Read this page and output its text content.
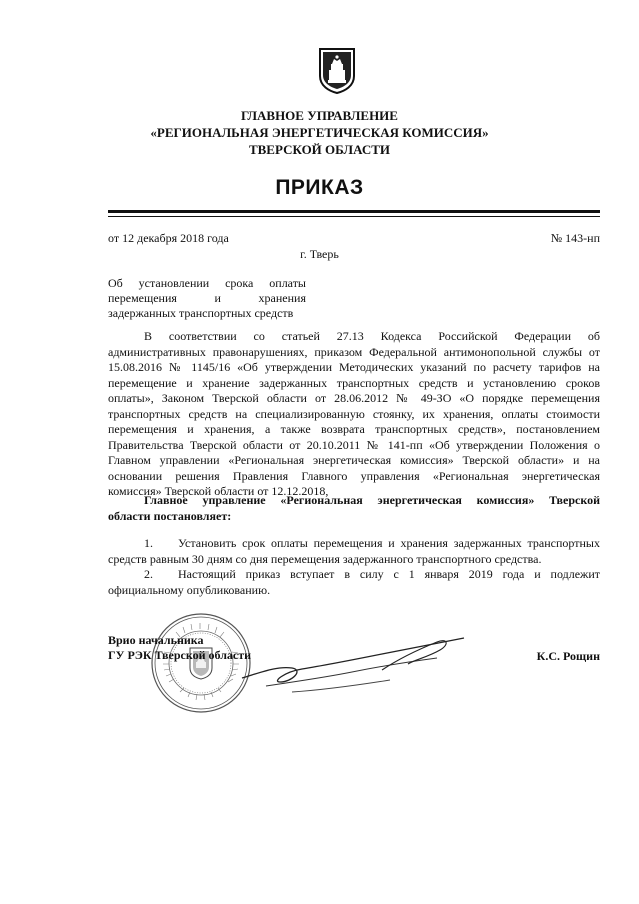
ГЛАВНОЕ УПРАВЛЕНИЕ
«РЕГИОНАЛЬНАЯ ЭНЕРГЕТИЧЕСКАЯ КОМИССИЯ»
ТВЕРСКОЙ ОБЛАСТИ
ПРИКАЗ
от 12 декабря 2018 года	№ 143-нп
г. Тверь
Об установлении срока оплаты
перемещения и хранения
задержанных транспортных средств
В соответствии со статьей 27.13 Кодекса Российской Федерации об
административных правонарушениях, приказом Федеральной антимонопольной службы от
15.08.2016 № 1145/16 «Об утверждении Методических указаний по расчету тарифов на
перемещение и хранение задержанных транспортных средств и установлению сроков
оплаты», Законом Тверской области от 28.06.2012 № 49-ЗО «О порядке перемещения
транспортных средств на специализированную стоянку, их хранения, оплаты стоимости
перемещения и хранения, а также возврата транспортных средств», постановлением
Правительства Тверской области от 20.10.2011 № 141-пп «Об утверждении Положения о
Главном управлении «Региональная энергетическая комиссия» Тверской области» и на
основании решения Правления Главного управления «Региональная энергетическая
комиссия» Тверской области от 12.12.2018,
Главное управление «Региональная энергетическая комиссия» Тверской
области постановляет:
1. Установить срок оплаты перемещения и хранения задержанных транспортных
средств равным 30 дням со дня перемещения задержанного транспортного средства.
2. Настоящий приказ вступает в силу с 1 января 2019 года и подлежит
официальному опубликованию.
Врио начальника
ГУ РЭК Тверской области	К.С. Рощин
